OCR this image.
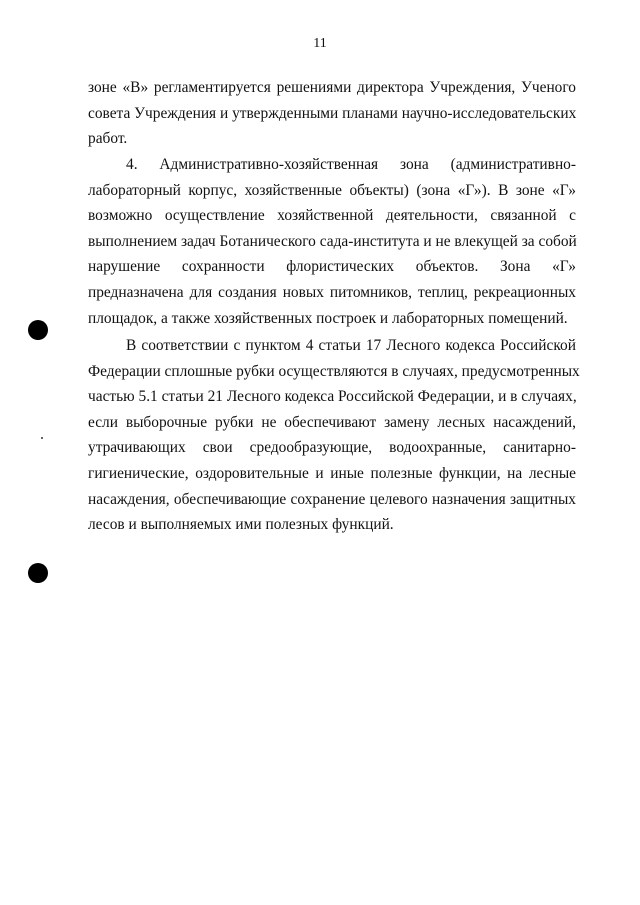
11
зоне «В» регламентируется решениями директора Учреждения, Ученого
совета Учреждения и утвержденными планами научно-исследовательских
работ.
4. Административно-хозяйственная зона (административно-
лабораторный корпус, хозяйственные объекты) (зона «Г»). В зоне «Г»
возможно осуществление хозяйственной деятельности, связанной с
выполнением задач Ботанического сада-института и не влекущей за собой
нарушение сохранности флористических объектов. Зона «Г»
предназначена для создания новых питомников, теплиц, рекреационных
площадок, а также хозяйственных построек и лабораторных помещений.
В соответствии с пунктом 4 статьи 17 Лесного кодекса Российской
Федерации сплошные рубки осуществляются в случаях, предусмотренных
частью 5.1 статьи 21 Лесного кодекса Российской Федерации, и в случаях,
если выборочные рубки не обеспечивают замену лесных насаждений,
утрачивающих свои средообразующие, водоохранные, санитарно-
гигиенические, оздоровительные и иные полезные функции, на лесные
насаждения, обеспечивающие сохранение целевого назначения защитных
лесов и выполняемых ими полезных функций.
